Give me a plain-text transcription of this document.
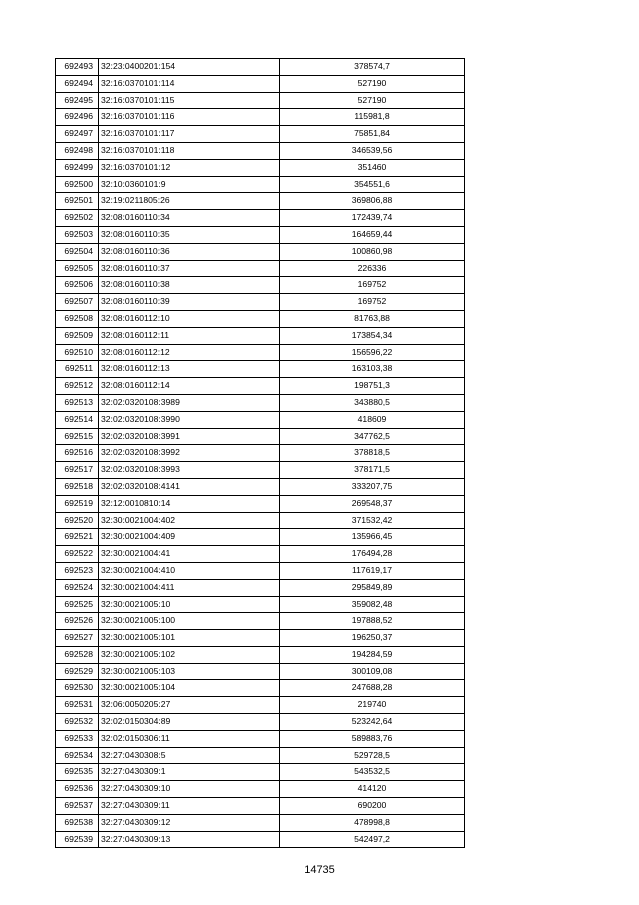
692493	32:23:0400201:154	378574,7
692494	32:16:0370101:114	527190
692495	32:16:0370101:115	527190
692496	32:16:0370101:116	115981,8
692497	32:16:0370101:117	75851,84
692498	32:16:0370101:118	346539,56
692499	32:16:0370101:12	351460
692500	32:10:0360101:9	354551,6
692501	32:19:0211805:26	369806,88
692502	32:08:0160110:34	172439,74
692503	32:08:0160110:35	164659,44
692504	32:08:0160110:36	100860,98
692505	32:08:0160110:37	226336
692506	32:08:0160110:38	169752
692507	32:08:0160110:39	169752
692508	32:08:0160112:10	81763,88
692509	32:08:0160112:11	173854,34
692510	32:08:0160112:12	156596,22
692511	32:08:0160112:13	163103,38
692512	32:08:0160112:14	198751,3
692513	32:02:0320108:3989	343880,5
692514	32:02:0320108:3990	418609
692515	32:02:0320108:3991	347762,5
692516	32:02:0320108:3992	378818,5
692517	32:02:0320108:3993	378171,5
692518	32:02:0320108:4141	333207,75
692519	32:12:0010810:14	269548,37
692520	32:30:0021004:402	371532,42
692521	32:30:0021004:409	135966,45
692522	32:30:0021004:41	176494,28
692523	32:30:0021004:410	117619,17
692524	32:30:0021004:411	295849,89
692525	32:30:0021005:10	359082,48
692526	32:30:0021005:100	197888,52
692527	32:30:0021005:101	196250,37
692528	32:30:0021005:102	194284,59
692529	32:30:0021005:103	300109,08
692530	32:30:0021005:104	247688,28
692531	32:06:0050205:27	219740
692532	32:02:0150304:89	523242,64
692533	32:02:0150306:11	589883,76
692534	32:27:0430308:5	529728,5
692535	32:27:0430309:1	543532,5
692536	32:27:0430309:10	414120
692537	32:27:0430309:11	690200
692538	32:27:0430309:12	478998,8
692539	32:27:0430309:13	542497,2
14735
